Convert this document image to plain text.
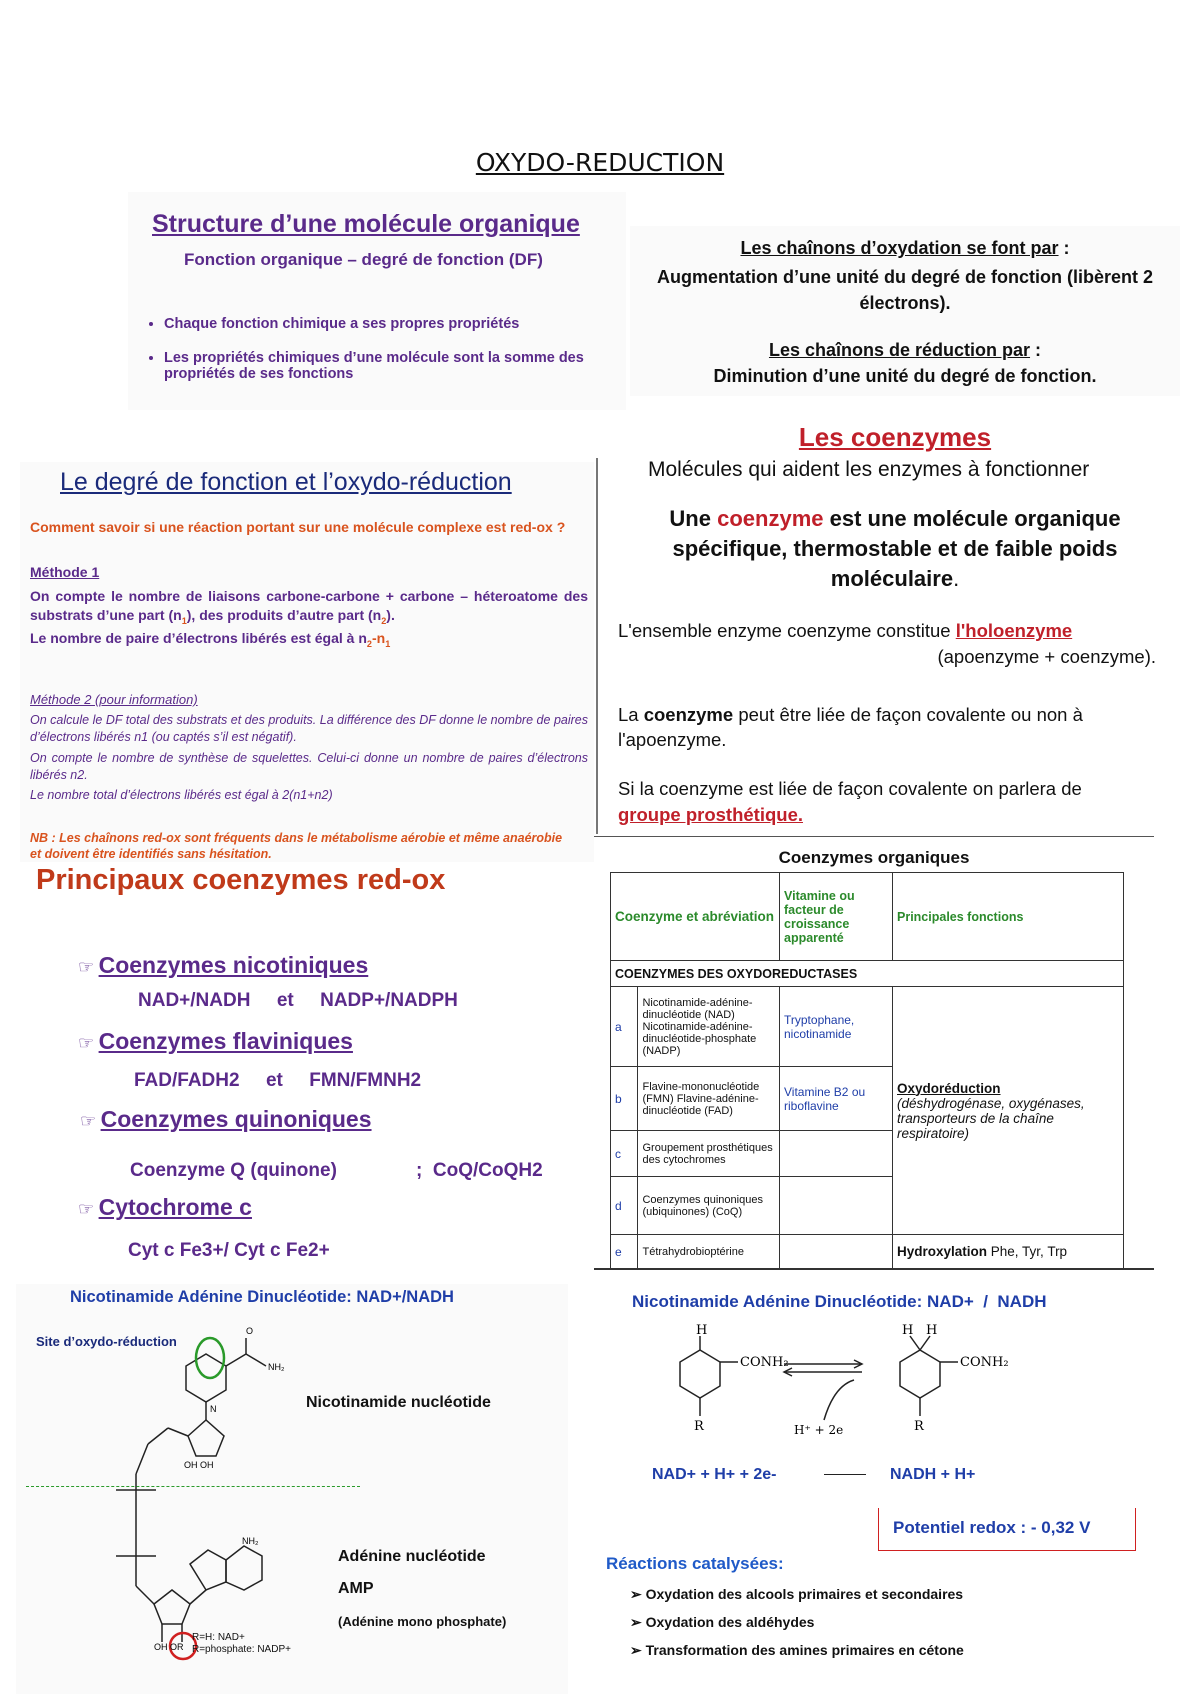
OXYDO-REDUCTION
Structure d’une molécule organique
Fonction organique – degré de fonction (DF)
• Chaque fonction chimique a ses propres propriétés
• Les propriétés chimiques d’une molécule sont la somme des propriétés de ses fonctions
Les chaînons d’oxydation se font par :
Augmentation d’une unité du degré de fonction (libèrent 2 électrons).
Les chaînons de réduction par :
Diminution d’une unité du degré de fonction.
Le degré de fonction et l’oxydo-réduction
Comment savoir si une réaction portant sur une molécule complexe est red-ox ?
Méthode 1
On compte le nombre de liaisons carbone-carbone + carbone – héteroatome des substrats d’une part $(n_1)$, des produits d’autre part $(n_2)$.
Le nombre de paire d’électrons libérés est égal à $n_2-n_1$
Méthode 2 (pour information)
On calcule le DF total des substrats et des produits. La différence des DF donne le nombre de paires d’électrons libérés n1 (ou captés s’il est négatif).
On compte le nombre de synthèse de squelettes. Celui-ci donne un nombre de paires d’électrons libérés n2.
Le nombre total d’électrons libérés est égal à 2(n1+n2)
NB : Les chaînons red-ox sont fréquents dans le métabolisme aérobie et même anaérobie et doivent être identifiés sans hésitation.
Les coenzymes
Molécules qui aident les enzymes à fonctionner
Une coenzyme est une molécule organique spécifique, thermostable et de faible poids moléculaire.
L'ensemble enzyme coenzyme constitue l'holoenzyme
(apoenzyme + coenzyme).
La coenzyme peut être liée de façon covalente ou non à l'apoenzyme.
Si la coenzyme est liée de façon covalente on parlera de
groupe prosthétique.
Principaux coenzymes red-ox
☞ Coenzymes nicotiniques
NAD+/NADH     et     NADP+/NADPH
☞ Coenzymes flaviniques
FAD/FADH2     et     FMN/FMNH2
☞ Coenzymes quinoniques
Coenzyme Q (quinone)	;  CoQ/CoQH2
☞ Cytochrome c
Cyt c Fe3+/ Cyt c Fe2+
Coenzymes organiques
Coenzyme et abréviation		Vitamine ou facteur de croissance apparenté	Principales fonctions
COENZYMES DES OXYDOREDUCTASES			
a	Nicotinamide-adénine-dinucléotide (NAD) Nicotinamide-adénine-dinucléotide-phosphate (NADP)	Tryptophane, nicotinamide	Oxydoréduction
(déshydrogénase, oxygénases, transporteurs de la chaîne respiratoire)

b	Flavine-mononucléotide (FMN) Flavine-adénine-dinucléotide (FAD)	Vitamine B2 ou riboflavine	
c	Groupement prosthétiques des cytochromes		
d	Coenzymes quinoniques (ubiquinones) (CoQ)		
e	Tétrahydrobioptérine		Hydroxylation Phe, Tyr, Trp
Nicotinamide Adénine Dinucléotide: NAD+/NADH
Site d’oxydo-réduction
O
NH₂
N
OH OH
NH₂
OH OR
Nicotinamide nucléotide
Adénine nucléotide
AMP
(Adénine mono phosphate)
R=H: NAD+
R=phosphate: NADP+
Nicotinamide Adénine Dinucléotide: NAD+  /  NADH
H
CONH₂
R	H⁺ + 2e
H H
CONH₂
R
NAD+ + H+ + 2e-	NADH + H+
Potentiel redox : - 0,32 V
Réactions catalysées:
➢ Oxydation des alcools primaires et secondaires
➢ Oxydation des aldéhydes
➢ Transformation des amines primaires en cétone
